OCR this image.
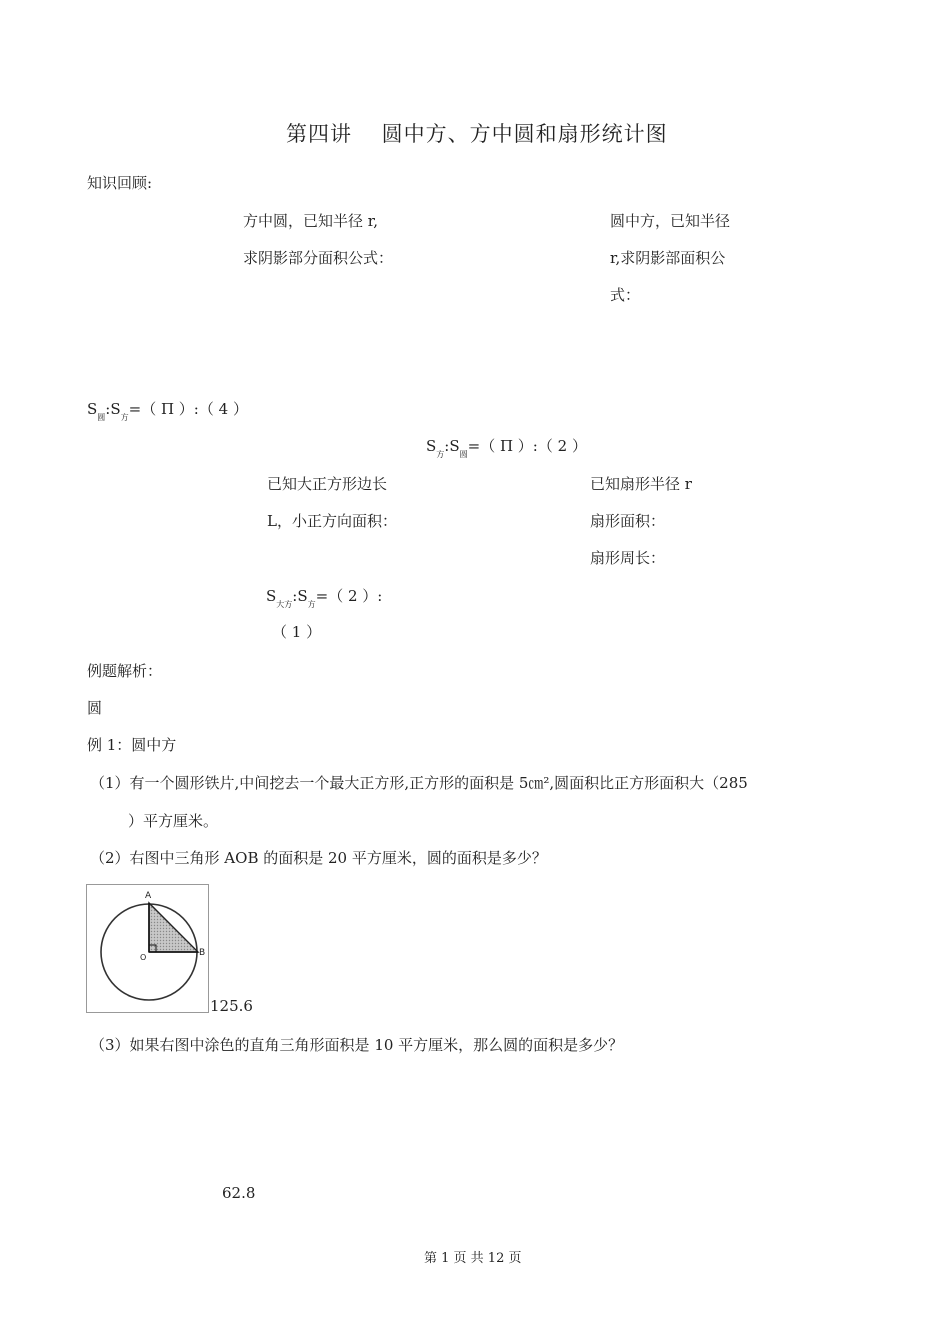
第四讲　 圆中方、方中圆和扇形统计图
知识回顾:
方中圆，已知半径 r,
求阴影部分面积公式：
圆中方，已知半径
r,求阴影部面积公
式：
$S_圆:S_方=$（ Π ）:（ 4 ）
$S_方:S_圆=$（ Π ）:（ 2 ）
已知大正方形边长
L，小正方向面积：
已知扇形半径 r
扇形面积：
扇形周长：
$S_{大方}:S_方=$（ 2 ）:
（ 1 ）
例题解析：
圆
例 1：圆中方
（1）有一个圆形铁片,中间挖去一个最大正方形,正方形的面积是 5㎝²,圆面积比正方形面积大（285
）平方厘米。
（2）右图中三角形 AOB 的面积是 20 平方厘米，圆的面积是多少？
A
O	B
125.6
（3）如果右图中涂色的直角三角形面积是 10 平方厘米，那么圆的面积是多少？
62.8
第 1 页 共 12 页
